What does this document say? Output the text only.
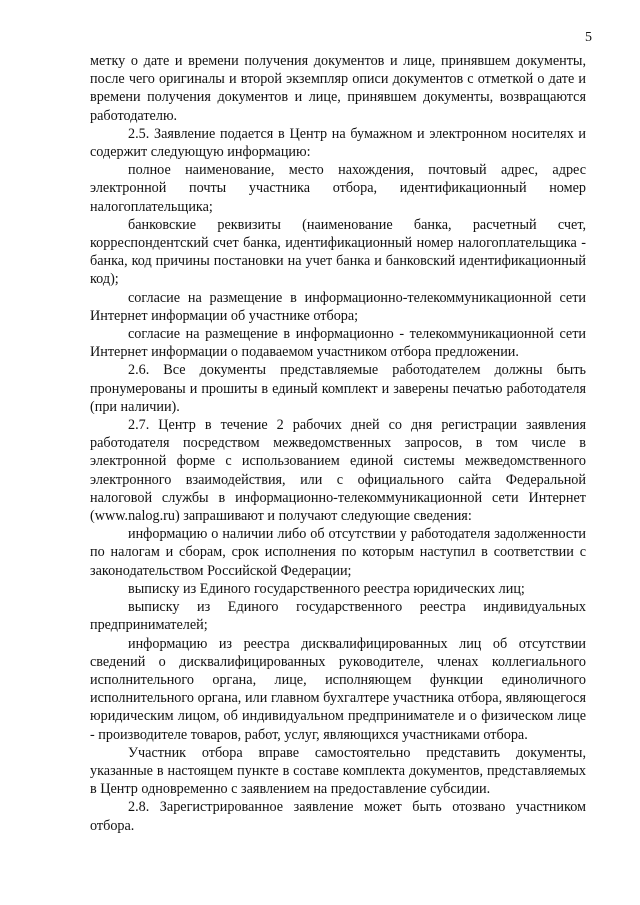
5

метку о дате и времени получения документов и лице, принявшем документы, после чего оригиналы и второй экземпляр описи документов с отметкой о дате и времени получения документов и лице, принявшем документы, возвращаются работодателю.

2.5. Заявление подается в Центр на бумажном и электронном носителях и содержит следующую информацию:

полное наименование, место нахождения, почтовый адрес, адрес электронной почты участника отбора, идентификационный номер налогоплательщика;

банковские реквизиты (наименование банка, расчетный счет, корреспондентский счет банка, идентификационный номер налогоплательщика - банка, код причины постановки на учет банка и банковский идентификационный код);

согласие на размещение в информационно-телекоммуникационной сети Интернет информации об участнике отбора;

согласие на размещение в информационно - телекоммуникационной сети Интернет информации о подаваемом участником отбора предложении.

2.6. Все документы представляемые работодателем должны быть пронумерованы и прошиты в единый комплект и заверены печатью работодателя (при наличии).

2.7. Центр в течение 2 рабочих дней со дня регистрации заявления работодателя посредством межведомственных запросов, в том числе в электронной форме с использованием единой системы межведомственного электронного взаимодействия, или с официального сайта Федеральной налоговой службы в информационно-телекоммуникационной сети Интернет (www.nalog.ru) запрашивают и получают следующие сведения:

информацию о наличии либо об отсутствии у работодателя задолженности по налогам и сборам, срок исполнения по которым наступил в соответствии с законодательством Российской Федерации;

выписку из Единого государственного реестра юридических лиц;

выписку из Единого государственного реестра индивидуальных предпринимателей;

информацию из реестра дисквалифицированных лиц об отсутствии сведений о дисквалифицированных руководителе, членах коллегиального исполнительного органа, лице, исполняющем функции единоличного исполнительного органа, или главном бухгалтере участника отбора, являющегося юридическим лицом, об индивидуальном предпринимателе и о физическом лице - производителе товаров, работ, услуг, являющихся участниками отбора.

Участник отбора вправе самостоятельно представить документы, указанные в настоящем пункте в составе комплекта документов, представляемых в Центр одновременно с заявлением на предоставление субсидии.

2.8. Зарегистрированное заявление может быть отозвано участником отбора.
